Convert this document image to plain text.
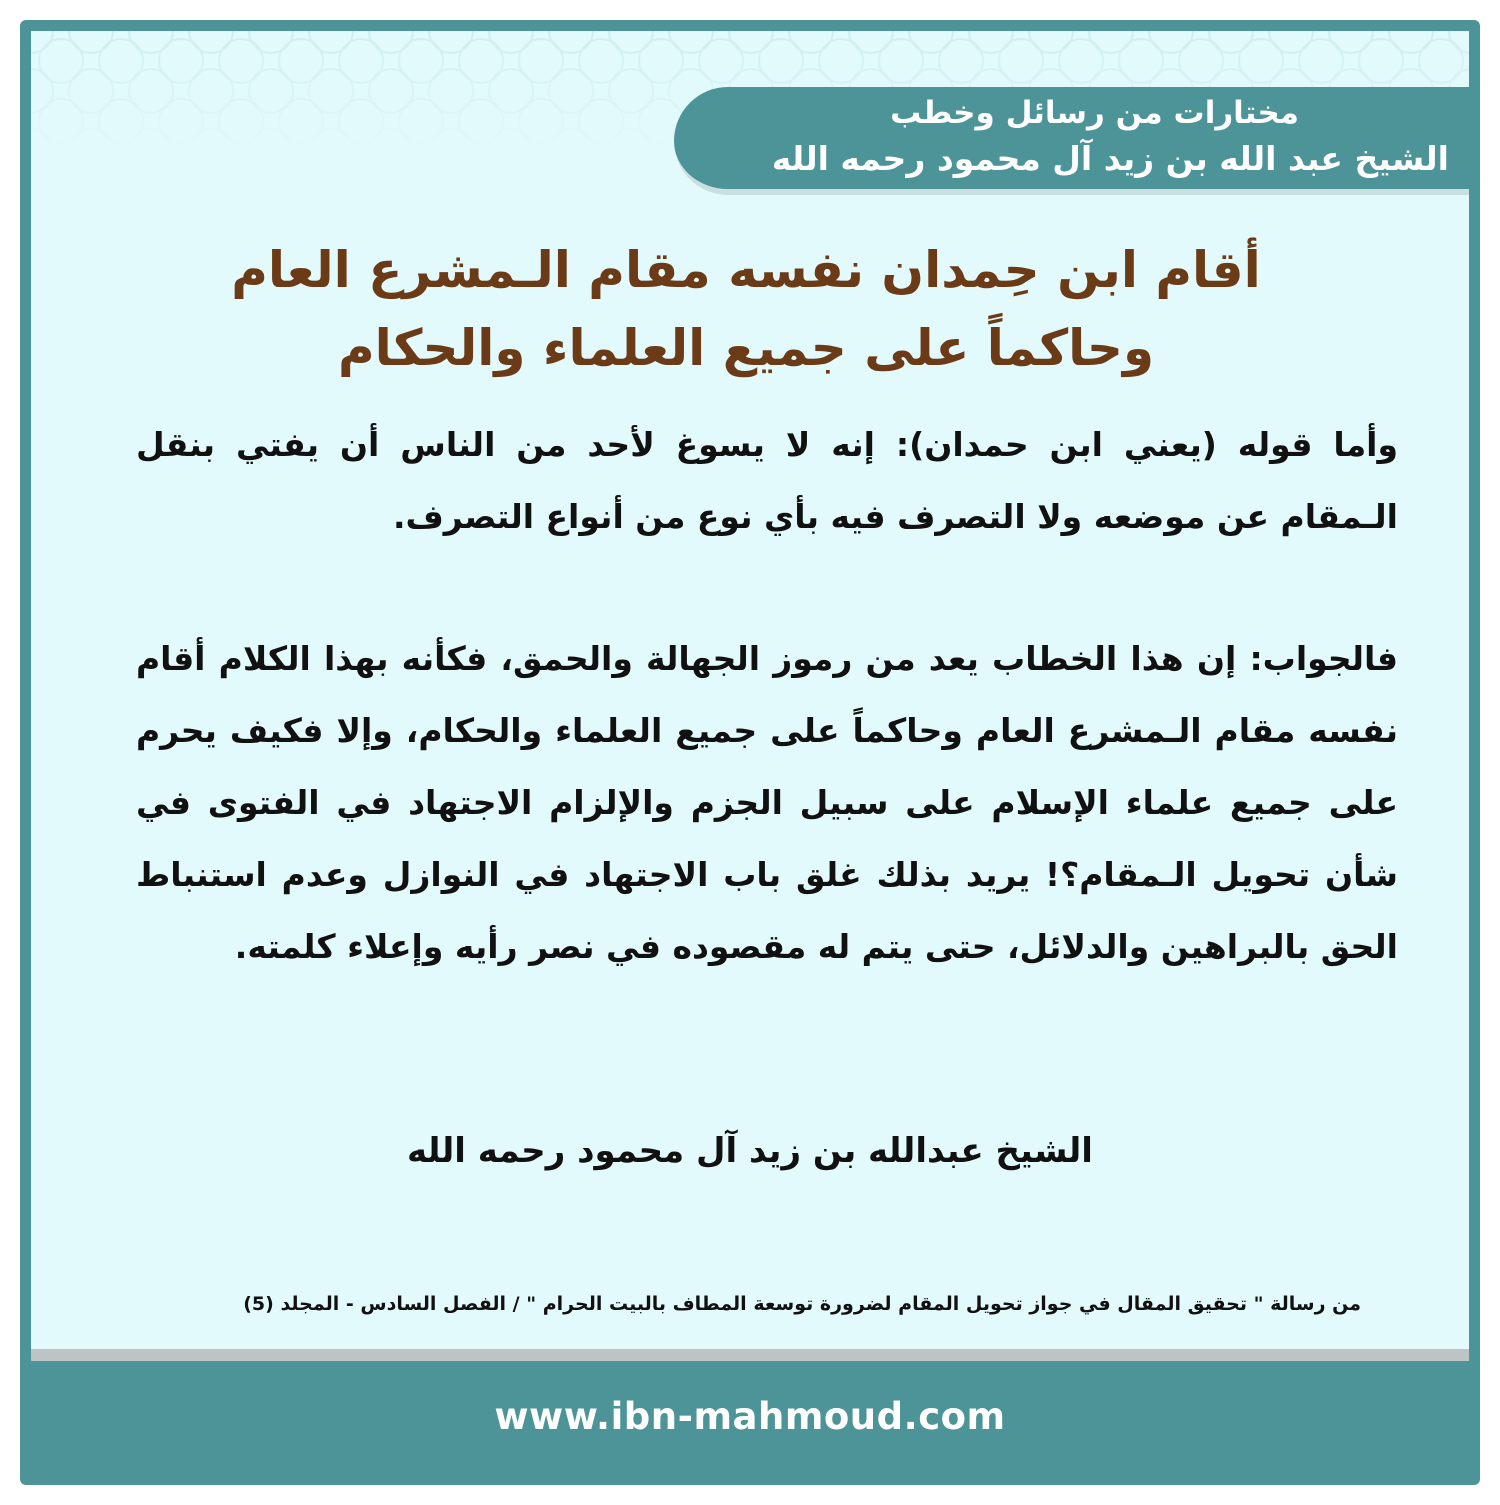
مختارات من رسائل وخطب
الشيخ عبد الله بن زيد آل محمود رحمه الله
أقام ابن حِمدان نفسه مقام الـمشرع العام
وحاكماً على جميع العلماء والحكام
وأما قوله (يعني ابن حمدان): إنه لا يسوغ لأحد من الناس أن يفتي بنقل الـمقام عن موضعه ولا التصرف فيه بأي نوع من أنواع التصرف.
فالجواب: إن هذا الخطاب يعد من رموز الجهالة والحمق، فكأنه بهذا الكلام أقام نفسه مقام الـمشرع العام وحاكماً على جميع العلماء والحكام، وإلا فكيف يحرم على جميع علماء الإسلام على سبيل الجزم والإلزام الاجتهاد في الفتوى في شأن تحويل الـمقام؟! يريد بذلك غلق باب الاجتهاد في النوازل وعدم استنباط الحق بالبراهين والدلائل، حتى يتم له مقصوده في نصر رأيه وإعلاء كلمته.
الشيخ عبدالله بن زيد آل محمود رحمه الله
من رسالة " تحقيق المقال في جواز تحويل المقام لضرورة توسعة المطاف بالبيت الحرام " / الفصل السادس - المجلد (5)
www.ibn-mahmoud.com
